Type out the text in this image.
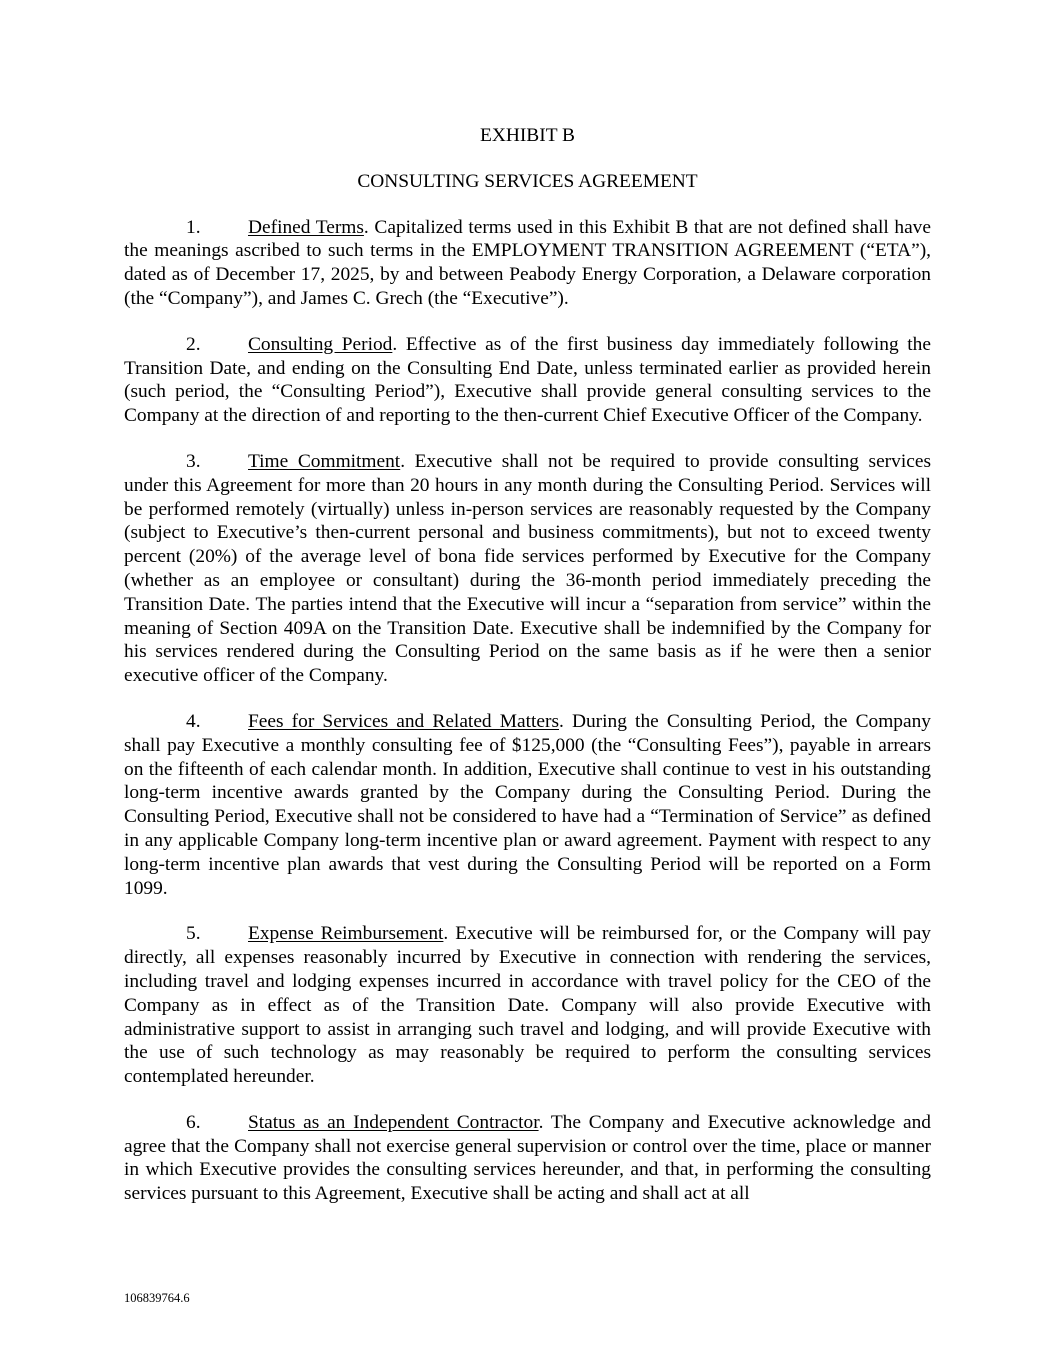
EXHIBIT B

CONSULTING SERVICES AGREEMENT

1. Defined Terms. Capitalized terms used in this Exhibit B that are not defined shall have the meanings ascribed to such terms in the EMPLOYMENT TRANSITION AGREEMENT (“ETA”), dated as of December 17, 2025, by and between Peabody Energy Corporation, a Delaware corporation (the “Company”), and James C. Grech (the “Executive”).

2. Consulting Period. Effective as of the first business day immediately following the Transition Date, and ending on the Consulting End Date, unless terminated earlier as provided herein (such period, the “Consulting Period”), Executive shall provide general consulting services to the Company at the direction of and reporting to the then-current Chief Executive Officer of the Company.

3. Time Commitment. Executive shall not be required to provide consulting services under this Agreement for more than 20 hours in any month during the Consulting Period. Services will be performed remotely (virtually) unless in-person services are reasonably requested by the Company (subject to Executive’s then-current personal and business commitments), but not to exceed twenty percent (20%) of the average level of bona fide services performed by Executive for the Company (whether as an employee or consultant) during the 36-month period immediately preceding the Transition Date. The parties intend that the Executive will incur a “separation from service” within the meaning of Section 409A on the Transition Date. Executive shall be indemnified by the Company for his services rendered during the Consulting Period on the same basis as if he were then a senior executive officer of the Company.

4. Fees for Services and Related Matters. During the Consulting Period, the Company shall pay Executive a monthly consulting fee of $125,000 (the “Consulting Fees”), payable in arrears on the fifteenth of each calendar month. In addition, Executive shall continue to vest in his outstanding long-term incentive awards granted by the Company during the Consulting Period. During the Consulting Period, Executive shall not be considered to have had a “Termination of Service” as defined in any applicable Company long-term incentive plan or award agreement. Payment with respect to any long-term incentive plan awards that vest during the Consulting Period will be reported on a Form 1099.

5. Expense Reimbursement. Executive will be reimbursed for, or the Company will pay directly, all expenses reasonably incurred by Executive in connection with rendering the services, including travel and lodging expenses incurred in accordance with travel policy for the CEO of the Company as in effect as of the Transition Date. Company will also provide Executive with administrative support to assist in arranging such travel and lodging, and will provide Executive with the use of such technology as may reasonably be required to perform the consulting services contemplated hereunder.

6. Status as an Independent Contractor. The Company and Executive acknowledge and agree that the Company shall not exercise general supervision or control over the time, place or manner in which Executive provides the consulting services hereunder, and that, in performing the consulting services pursuant to this Agreement, Executive shall be acting and shall act at all

106839764.6
